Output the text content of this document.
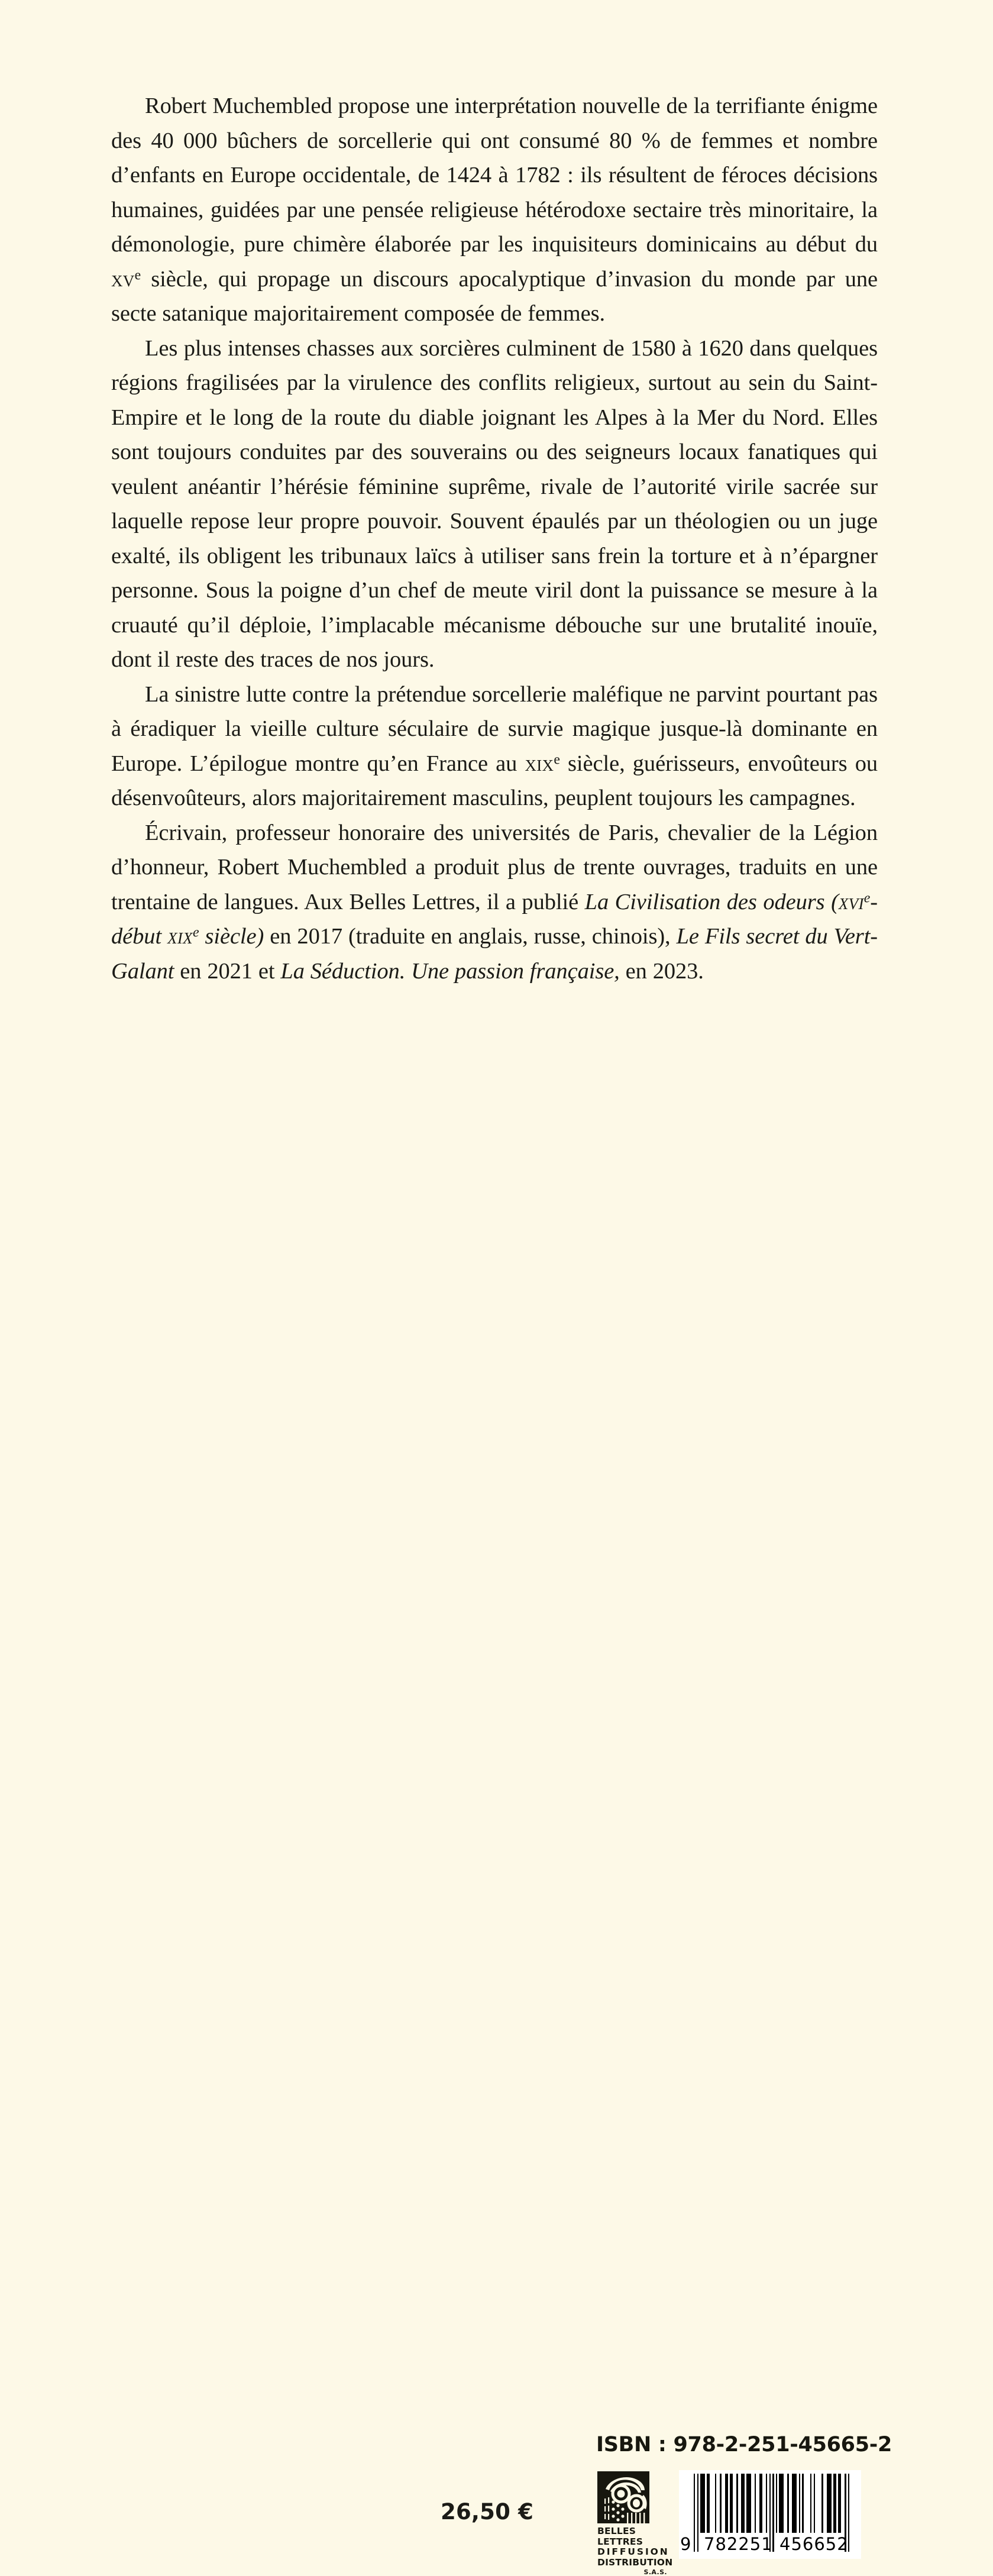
Robert Muchembled propose une interprétation nouvelle de la terrifiante énigme des 40 000 bûchers de sorcellerie qui ont consumé 80 % de femmes et nombre d’enfants en Europe occidentale, de 1424 à 1782 : ils résultent de féroces décisions humaines, guidées par une pensée religieuse hétérodoxe sectaire très minoritaire, la démonologie, pure chimère élaborée par les inquisiteurs dominicains au début du $xv^e$ siècle, qui propage un discours apocalyptique d’invasion du monde par une secte satanique majoritairement composée de femmes.

Les plus intenses chasses aux sorcières culminent de 1580 à 1620 dans quelques régions fragilisées par la virulence des conflits religieux, surtout au sein du Saint-Empire et le long de la route du diable joignant les Alpes à la Mer du Nord. Elles sont toujours conduites par des souverains ou des seigneurs locaux fanatiques qui veulent anéantir l’hérésie féminine suprême, rivale de l’autorité virile sacrée sur laquelle repose leur propre pouvoir. Souvent épaulés par un théologien ou un juge exalté, ils obligent les tribunaux laïcs à utiliser sans frein la torture et à n’épargner personne. Sous la poigne d’un chef de meute viril dont la puissance se mesure à la cruauté qu’il déploie, l’implacable mécanisme débouche sur une brutalité inouïe, dont il reste des traces de nos jours.

La sinistre lutte contre la prétendue sorcellerie maléfique ne parvint pourtant pas à éradiquer la vieille culture séculaire de survie magique jusque-là dominante en Europe. L’épilogue montre qu’en France au xix$^e$ siècle, guérisseurs, envoûteurs ou désenvoûteurs, alors majoritairement masculins, peuplent toujours les campagnes.

Écrivain, professeur honoraire des universités de Paris, chevalier de la Légion d’honneur, Robert Muchembled a produit plus de trente ouvrages, traduits en une trentaine de langues. Aux Belles Lettres, il a publié La Civilisation des odeurs (xvi$^e$-début xix$^e$ siècle) en 2017 (traduite en anglais, russe, chinois), Le Fils secret du Vert-Galant en 2021 et La Séduction. Une passion française, en 2023.

26,50 €
ISBN : 978-2-251-45665-2
BELLES LETTRES
DIFFUSION
DISTRIBUTION
S.A.S.
9 782251 456652
